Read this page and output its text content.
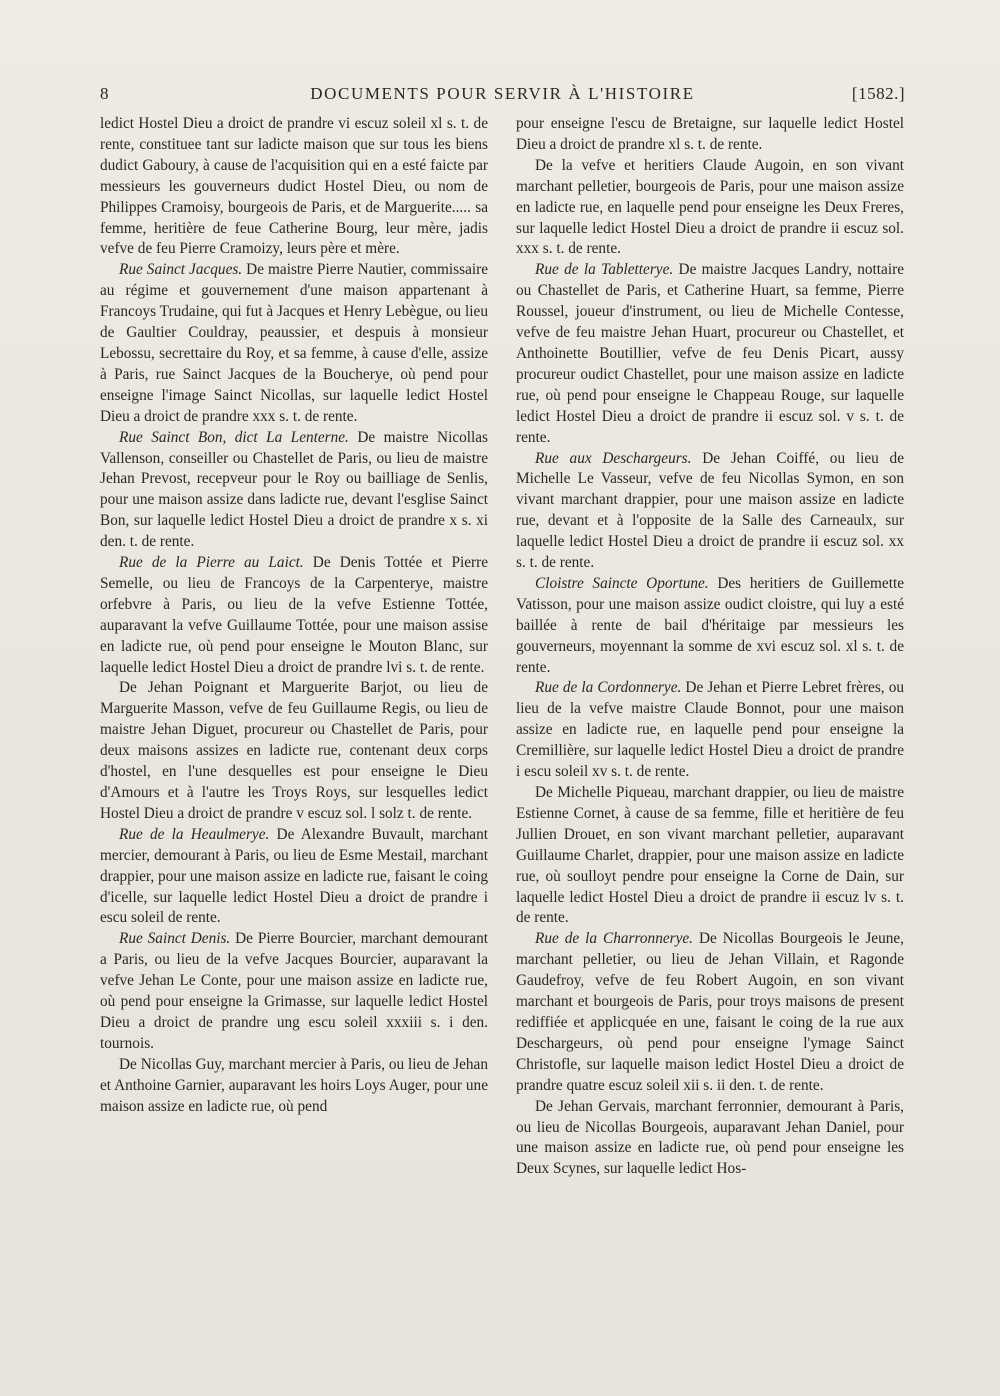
8	DOCUMENTS POUR SERVIR À L'HISTOIRE	[1582.]

ledict Hostel Dieu a droict de prandre vi escuz soleil xl s. t. de rente, constituee tant sur ladicte maison que sur tous les biens dudict Gaboury, à cause de l'acquisition qui en a esté faicte par messieurs les gouverneurs dudict Hostel Dieu, ou nom de Philippes Cramoisy, bourgeois de Paris, et de Marguerite..... sa femme, heritière de feue Catherine Bourg, leur mère, jadis vefve de feu Pierre Cramoizy, leurs père et mère.

Rue Sainct Jacques. De maistre Pierre Nautier, commissaire au régime et gouvernement d'une maison appartenant à Francoys Trudaine, qui fut à Jacques et Henry Lebègue, ou lieu de Gaultier Couldray, peaussier, et despuis à monsieur Lebossu, secrettaire du Roy, et sa femme, à cause d'elle, assize à Paris, rue Sainct Jacques de la Boucherye, où pend pour enseigne l'image Sainct Nicollas, sur laquelle ledict Hostel Dieu a droict de prandre xxx s. t. de rente.

Rue Sainct Bon, dict La Lenterne. De maistre Nicollas Vallenson, conseiller ou Chastellet de Paris, ou lieu de maistre Jehan Prevost, recepveur pour le Roy ou bailliage de Senlis, pour une maison assize dans ladicte rue, devant l'esglise Sainct Bon, sur laquelle ledict Hostel Dieu a droict de prandre x s. xi den. t. de rente.

Rue de la Pierre au Laict. De Denis Tottée et Pierre Semelle, ou lieu de Francoys de la Carpenterye, maistre orfebvre à Paris, ou lieu de la vefve Estienne Tottée, auparavant la vefve Guillaume Tottée, pour une maison assise en ladicte rue, où pend pour enseigne le Mouton Blanc, sur laquelle ledict Hostel Dieu a droict de prandre lvi s. t. de rente.

De Jehan Poignant et Marguerite Barjot, ou lieu de Marguerite Masson, vefve de feu Guillaume Regis, ou lieu de maistre Jehan Diguet, procureur ou Chastellet de Paris, pour deux maisons assizes en ladicte rue, contenant deux corps d'hostel, en l'une desquelles est pour enseigne le Dieu d'Amours et à l'autre les Troys Roys, sur lesquelles ledict Hostel Dieu a droict de prandre v escuz sol. l solz t. de rente.

Rue de la Heaulmerye. De Alexandre Buvault, marchant mercier, demourant à Paris, ou lieu de Esme Mestail, marchant drappier, pour une maison assize en ladicte rue, faisant le coing d'icelle, sur laquelle ledict Hostel Dieu a droict de prandre i escu soleil de rente.

Rue Sainct Denis. De Pierre Bourcier, marchant demourant a Paris, ou lieu de la vefve Jacques Bourcier, auparavant la vefve Jehan Le Conte, pour une maison assize en ladicte rue, où pend pour enseigne la Grimasse, sur laquelle ledict Hostel Dieu a droict de prandre ung escu soleil xxxiii s. i den. tournois.

De Nicollas Guy, marchant mercier à Paris, ou lieu de Jehan et Anthoine Garnier, auparavant les hoirs Loys Auger, pour une maison assize en ladicte rue, où pend

pour enseigne l'escu de Bretaigne, sur laquelle ledict Hostel Dieu a droict de prandre xl s. t. de rente.

De la vefve et heritiers Claude Augoin, en son vivant marchant pelletier, bourgeois de Paris, pour une maison assize en ladicte rue, en laquelle pend pour enseigne les Deux Freres, sur laquelle ledict Hostel Dieu a droict de prandre ii escuz sol. xxx s. t. de rente.

Rue de la Tabletterye. De maistre Jacques Landry, nottaire ou Chastellet de Paris, et Catherine Huart, sa femme, Pierre Roussel, joueur d'instrument, ou lieu de Michelle Contesse, vefve de feu maistre Jehan Huart, procureur ou Chastellet, et Anthoinette Boutillier, vefve de feu Denis Picart, aussy procureur oudict Chastellet, pour une maison assize en ladicte rue, où pend pour enseigne le Chappeau Rouge, sur laquelle ledict Hostel Dieu a droict de prandre ii escuz sol. v s. t. de rente.

Rue aux Deschargeurs. De Jehan Coiffé, ou lieu de Michelle Le Vasseur, vefve de feu Nicollas Symon, en son vivant marchant drappier, pour une maison assize en ladicte rue, devant et à l'opposite de la Salle des Carneaulx, sur laquelle ledict Hostel Dieu a droict de prandre ii escuz sol. xx s. t. de rente.

Cloistre Saincte Oportune. Des heritiers de Guillemette Vatisson, pour une maison assize oudict cloistre, qui luy a esté baillée à rente de bail d'héritaige par messieurs les gouverneurs, moyennant la somme de xvi escuz sol. xl s. t. de rente.

Rue de la Cordonnerye. De Jehan et Pierre Lebret frères, ou lieu de la vefve maistre Claude Bonnot, pour une maison assize en ladicte rue, en laquelle pend pour enseigne la Cremillière, sur laquelle ledict Hostel Dieu a droict de prandre i escu soleil xv s. t. de rente.

De Michelle Piqueau, marchant drappier, ou lieu de maistre Estienne Cornet, à cause de sa femme, fille et heritière de feu Jullien Drouet, en son vivant marchant pelletier, auparavant Guillaume Charlet, drappier, pour une maison assize en ladicte rue, où soulloyt pendre pour enseigne la Corne de Dain, sur laquelle ledict Hostel Dieu a droict de prandre ii escuz lv s. t. de rente.

Rue de la Charronnerye. De Nicollas Bourgeois le Jeune, marchant pelletier, ou lieu de Jehan Villain, et Ragonde Gaudefroy, vefve de feu Robert Augoin, en son vivant marchant et bourgeois de Paris, pour troys maisons de present rediffiée et applicquée en une, faisant le coing de la rue aux Deschargeurs, où pend pour enseigne l'ymage Sainct Christofle, sur laquelle maison ledict Hostel Dieu a droict de prandre quatre escuz soleil xii s. ii den. t. de rente.

De Jehan Gervais, marchant ferronnier, demourant à Paris, ou lieu de Nicollas Bourgeois, auparavant Jehan Daniel, pour une maison assize en ladicte rue, où pend pour enseigne les Deux Scynes, sur laquelle ledict Hos-
